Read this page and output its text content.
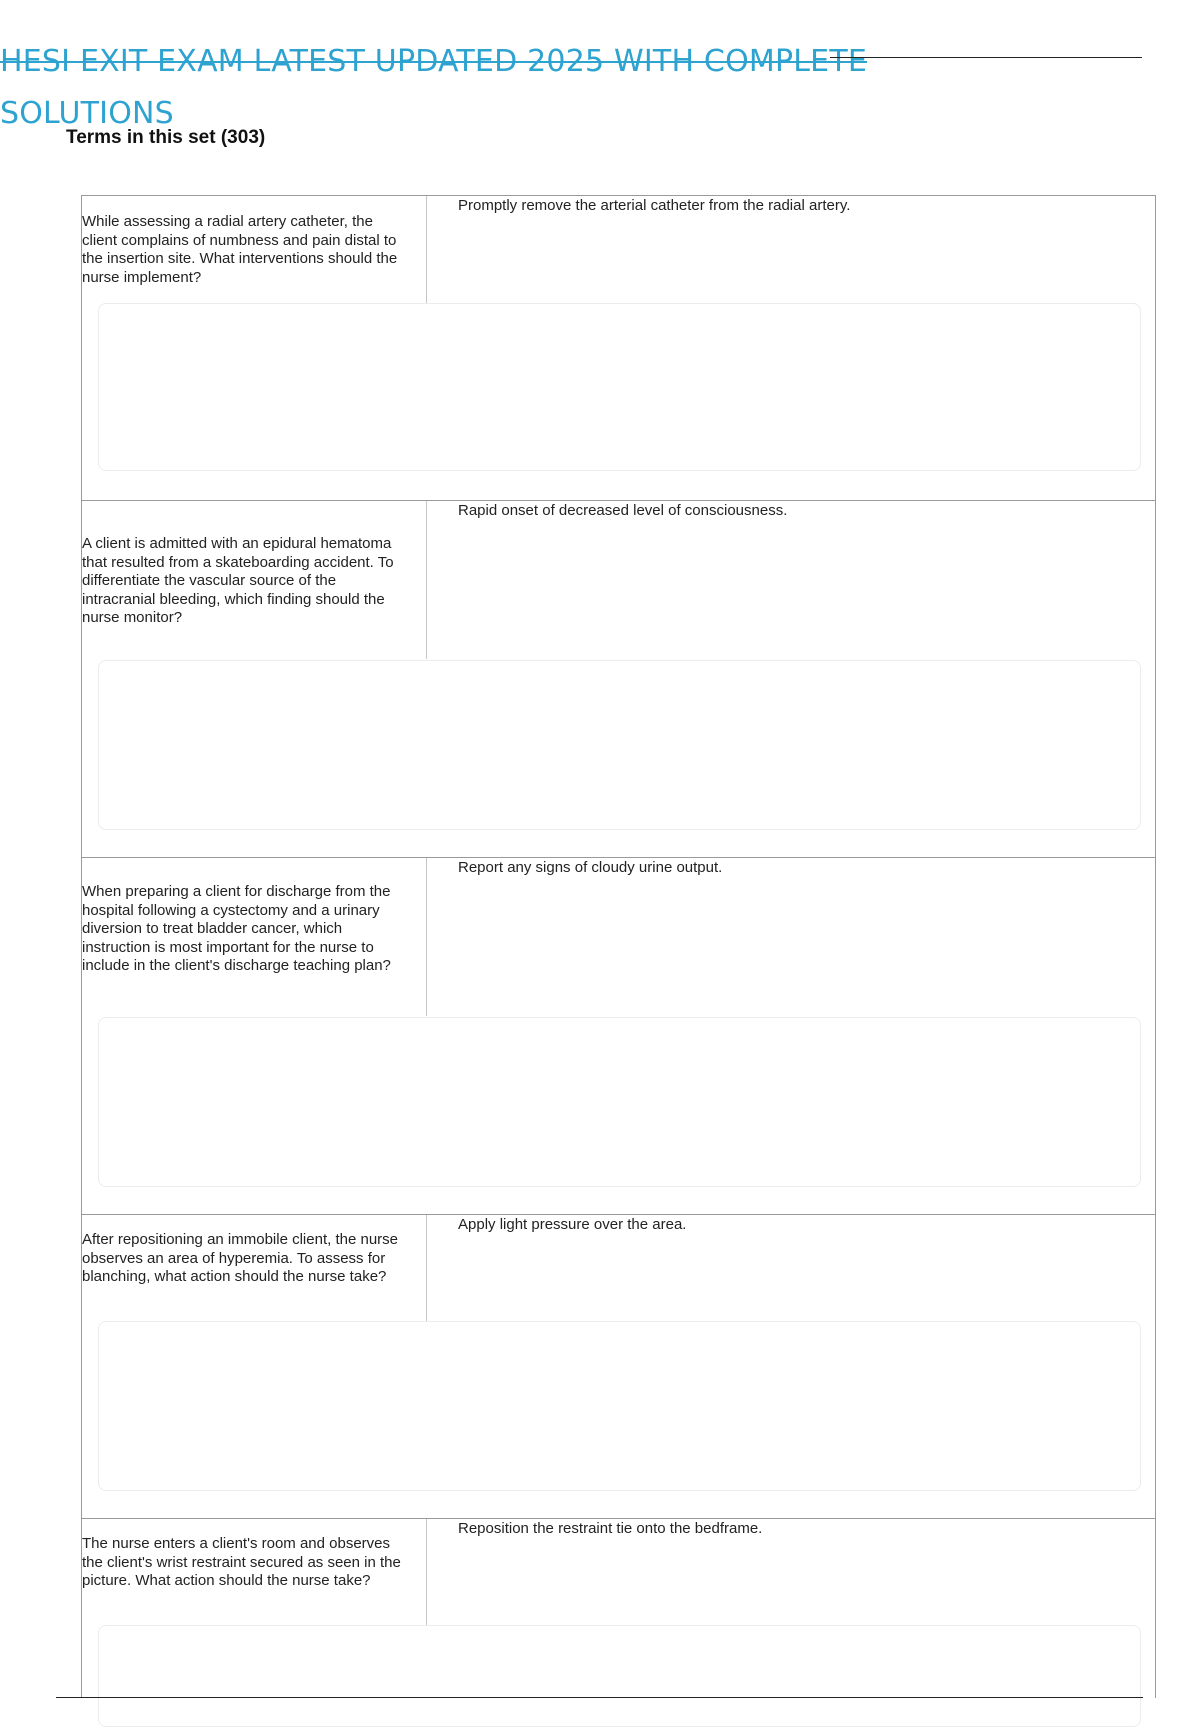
HESI EXIT EXAM LATEST UPDATED 2025 WITH COMPLETE
SOLUTIONS
Terms in this set (303)
While assessing a radial artery catheter, the client complains of numbness and pain distal to the insertion site. What interventions should the nurse implement?
Promptly remove the arterial catheter from the radial artery.
A client is admitted with an epidural hematoma that resulted from a skateboarding accident. To differentiate the vascular source of the intracranial bleeding, which finding should the nurse monitor?
Rapid onset of decreased level of consciousness.
When preparing a client for discharge from the hospital following a cystectomy and a urinary diversion to treat bladder cancer, which instruction is most important for the nurse to include in the client's discharge teaching plan?
Report any signs of cloudy urine output.
After repositioning an immobile client, the nurse observes an area of hyperemia. To assess for blanching, what action should the nurse take?
Apply light pressure over the area.
The nurse enters a client's room and observes the client's wrist restraint secured as seen in the picture. What action should the nurse take?
Reposition the restraint tie onto the bedframe.
